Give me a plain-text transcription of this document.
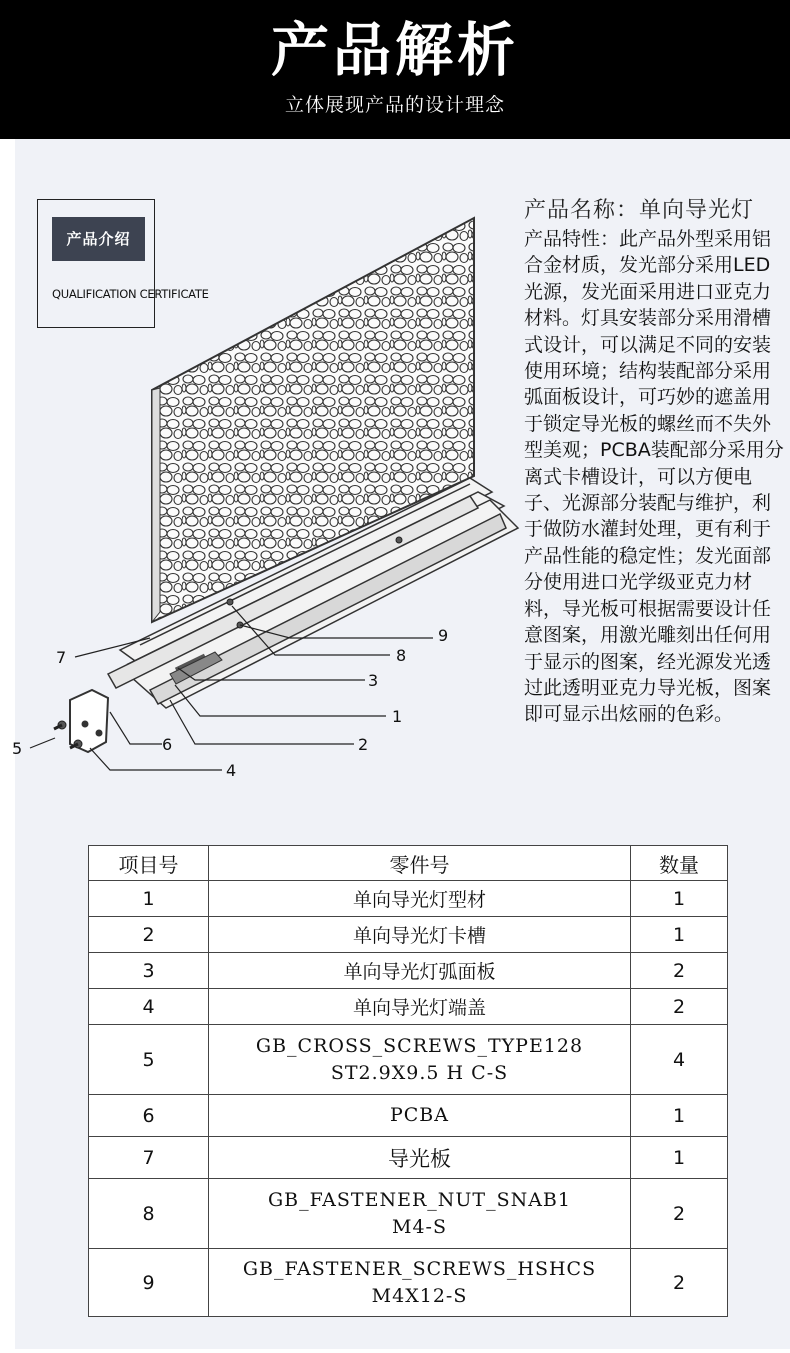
产品解析
立体展现产品的设计理念
产品介绍
QUALIFICATION CERTIFICATE
产品名称：单向导光灯
产品特性：此产品外型采用铝合金材质，发光部分采用LED光源，发光面采用进口亚克力材料。灯具安装部分采用滑槽式设计，可以满足不同的安装使用环境；结构装配部分采用弧面板设计，可巧妙的遮盖用于锁定导光板的螺丝而不失外型美观；PCBA装配部分采用分离式卡槽设计，可以方便电子、光源部分装配与维护，利于做防水灌封处理，更有利于产品性能的稳定性；发光面部分使用进口光学级亚克力材料，导光板可根据需要设计任意图案，用激光雕刻出任何用于显示的图案，经光源发光透过此透明亚克力导光板，图案即可显示出炫丽的色彩。
7
9
8
3
1
2
6
4
5
项目号	零件号	数量
1	单向导光灯型材	1
2	单向导光灯卡槽	1
3	单向导光灯弧面板	2
4	单向导光灯端盖	2
5	GB_CROSS_SCREWS_TYPE128
ST2.9X9.5 H C-S	4
6	PCBA	1
7	导光板	1
8	GB_FASTENER_NUT_SNAB1
M4-S	2
9	GB_FASTENER_SCREWS_HSHCS
M4X12-S	2
